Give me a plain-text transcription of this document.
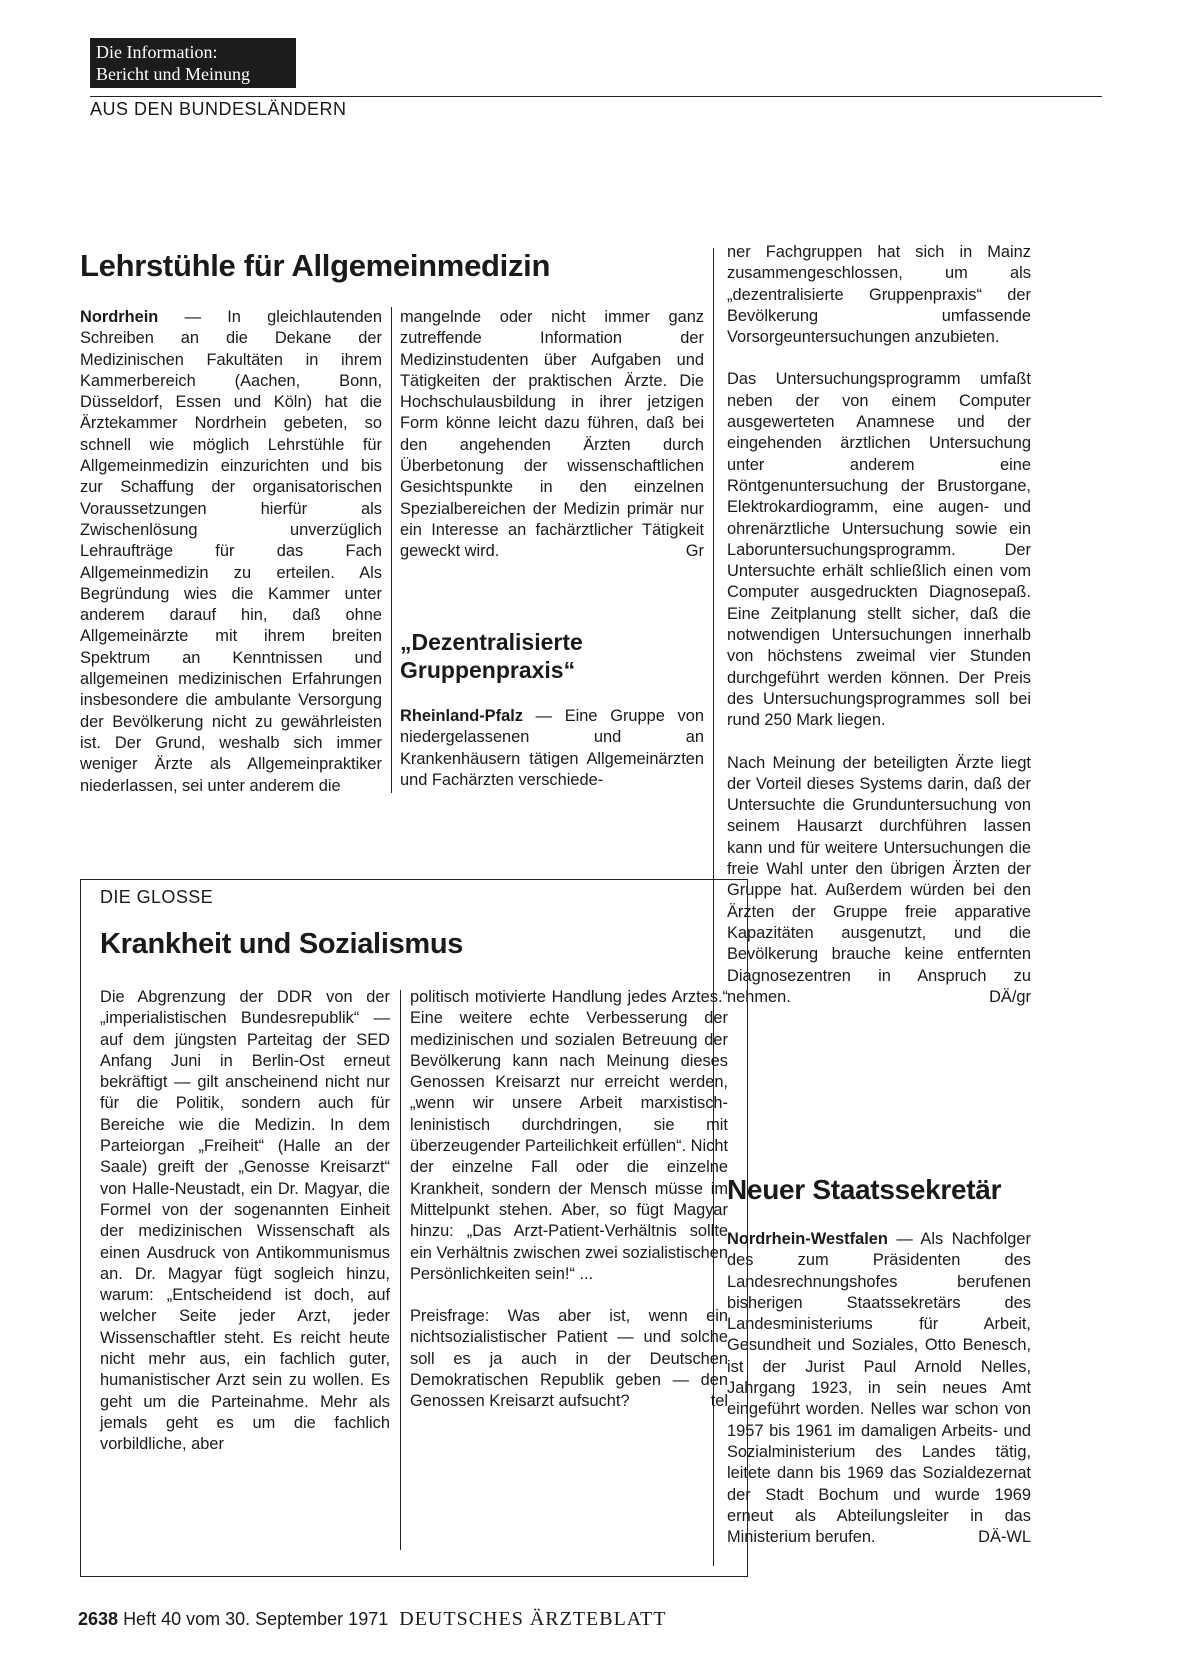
Die Information:
Bericht und Meinung
AUS DEN BUNDESLÄNDERN
Lehrstühle für Allgemeinmedizin

Nordrhein — In gleichlautenden Schreiben an die Dekane der Medizinischen Fakultäten in ihrem Kammerbereich (Aachen, Bonn, Düsseldorf, Essen und Köln) hat die Ärztekammer Nordrhein gebeten, so schnell wie möglich Lehrstühle für Allgemeinmedizin einzurichten und bis zur Schaffung der organisatorischen Voraussetzungen hierfür als Zwischenlösung unverzüglich Lehraufträge für das Fach Allgemeinmedizin zu erteilen. Als Begründung wies die Kammer unter anderem darauf hin, daß ohne Allgemeinärzte mit ihrem breiten Spektrum an Kenntnissen und allgemeinen medizinischen Erfahrungen insbesondere die ambulante Versorgung der Bevölkerung nicht zu gewährleisten ist. Der Grund, weshalb sich immer weniger Ärzte als Allgemeinpraktiker niederlassen, sei unter anderem die

mangelnde oder nicht immer ganz zutreffende Information der Medizinstudenten über Aufgaben und Tätigkeiten der praktischen Ärzte. Die Hochschulausbildung in ihrer jetzigen Form könne leicht dazu führen, daß bei den angehenden Ärzten durch Überbetonung der wissenschaftlichen Gesichtspunkte in den einzelnen Spezialbereichen der Medizin primär nur ein Interesse an fachärztlicher Tätigkeit geweckt wird.	Gr

„Dezentralisierte
Gruppenpraxis“

Rheinland-Pfalz — Eine Gruppe von niedergelassenen und an Krankenhäusern tätigen Allgemeinärzten und Fachärzten verschiede-

ner Fachgruppen hat sich in Mainz zusammengeschlossen, um als „dezentralisierte Gruppenpraxis“ der Bevölkerung umfassende Vorsorgeuntersuchungen anzubieten.

Das Untersuchungsprogramm umfaßt neben der von einem Computer ausgewerteten Anamnese und der eingehenden ärztlichen Untersuchung unter anderem eine Röntgenuntersuchung der Brustorgane, Elektrokardiogramm, eine augen- und ohrenärztliche Untersuchung sowie ein Laboruntersuchungsprogramm. Der Untersuchte erhält schließlich einen vom Computer ausgedruckten Diagnosepaß. Eine Zeitplanung stellt sicher, daß die notwendigen Untersuchungen innerhalb von höchstens zweimal vier Stunden durchgeführt werden können. Der Preis des Untersuchungsprogrammes soll bei rund 250 Mark liegen.

Nach Meinung der beteiligten Ärzte liegt der Vorteil dieses Systems darin, daß der Untersuchte die Grunduntersuchung von seinem Hausarzt durchführen lassen kann und für weitere Untersuchungen die freie Wahl unter den übrigen Ärzten der Gruppe hat. Außerdem würden bei den Ärzten der Gruppe freie apparative Kapazitäten ausgenutzt, und die Bevölkerung brauche keine entfernten Diagnosezentren in Anspruch zu nehmen.	DÄ/gr

DIE GLOSSE
Krankheit und Sozialismus

Die Abgrenzung der DDR von der „imperialistischen Bundesrepublik“ — auf dem jüngsten Parteitag der SED Anfang Juni in Berlin-Ost erneut bekräftigt — gilt anscheinend nicht nur für die Politik, sondern auch für Bereiche wie die Medizin. In dem Parteiorgan „Freiheit“ (Halle an der Saale) greift der „Genosse Kreisarzt“ von Halle-Neustadt, ein Dr. Magyar, die Formel von der sogenannten Einheit der medizinischen Wissenschaft als einen Ausdruck von Antikommunismus an. Dr. Magyar fügt sogleich hinzu, warum: „Entscheidend ist doch, auf welcher Seite jeder Arzt, jeder Wissenschaftler steht. Es reicht heute nicht mehr aus, ein fachlich guter, humanistischer Arzt sein zu wollen. Es geht um die Parteinahme. Mehr als jemals geht es um die fachlich vorbildliche, aber

politisch motivierte Handlung jedes Arztes.“ Eine weitere echte Verbesserung der medizinischen und sozialen Betreuung der Bevölkerung kann nach Meinung dieses Genossen Kreisarzt nur erreicht werden, „wenn wir unsere Arbeit marxistisch-leninistisch durchdringen, sie mit überzeugender Parteilichkeit erfüllen“. Nicht der einzelne Fall oder die einzelne Krankheit, sondern der Mensch müsse im Mittelpunkt stehen. Aber, so fügt Magyar hinzu: „Das Arzt-Patient-Verhältnis sollte ein Verhältnis zwischen zwei sozialistischen Persönlichkeiten sein!“ ...

Preisfrage: Was aber ist, wenn ein nichtsozialistischer Patient — und solche soll es ja auch in der Deutschen Demokratischen Republik geben — den Genossen Kreisarzt aufsucht?	tel

Neuer Staatssekretär

Nordrhein-Westfalen — Als Nachfolger des zum Präsidenten des Landesrechnungshofes berufenen bisherigen Staatssekretärs des Landesministeriums für Arbeit, Gesundheit und Soziales, Otto Benesch, ist der Jurist Paul Arnold Nelles, Jahrgang 1923, in sein neues Amt eingeführt worden. Nelles war schon von 1957 bis 1961 im damaligen Arbeits- und Sozialministerium des Landes tätig, leitete dann bis 1969 das Sozialdezernat der Stadt Bochum und wurde 1969 erneut als Abteilungsleiter in das Ministerium berufen.	DÄ-WL

2638 Heft 40 vom 30. September 1971 DEUTSCHES ÄRZTEBLATT
